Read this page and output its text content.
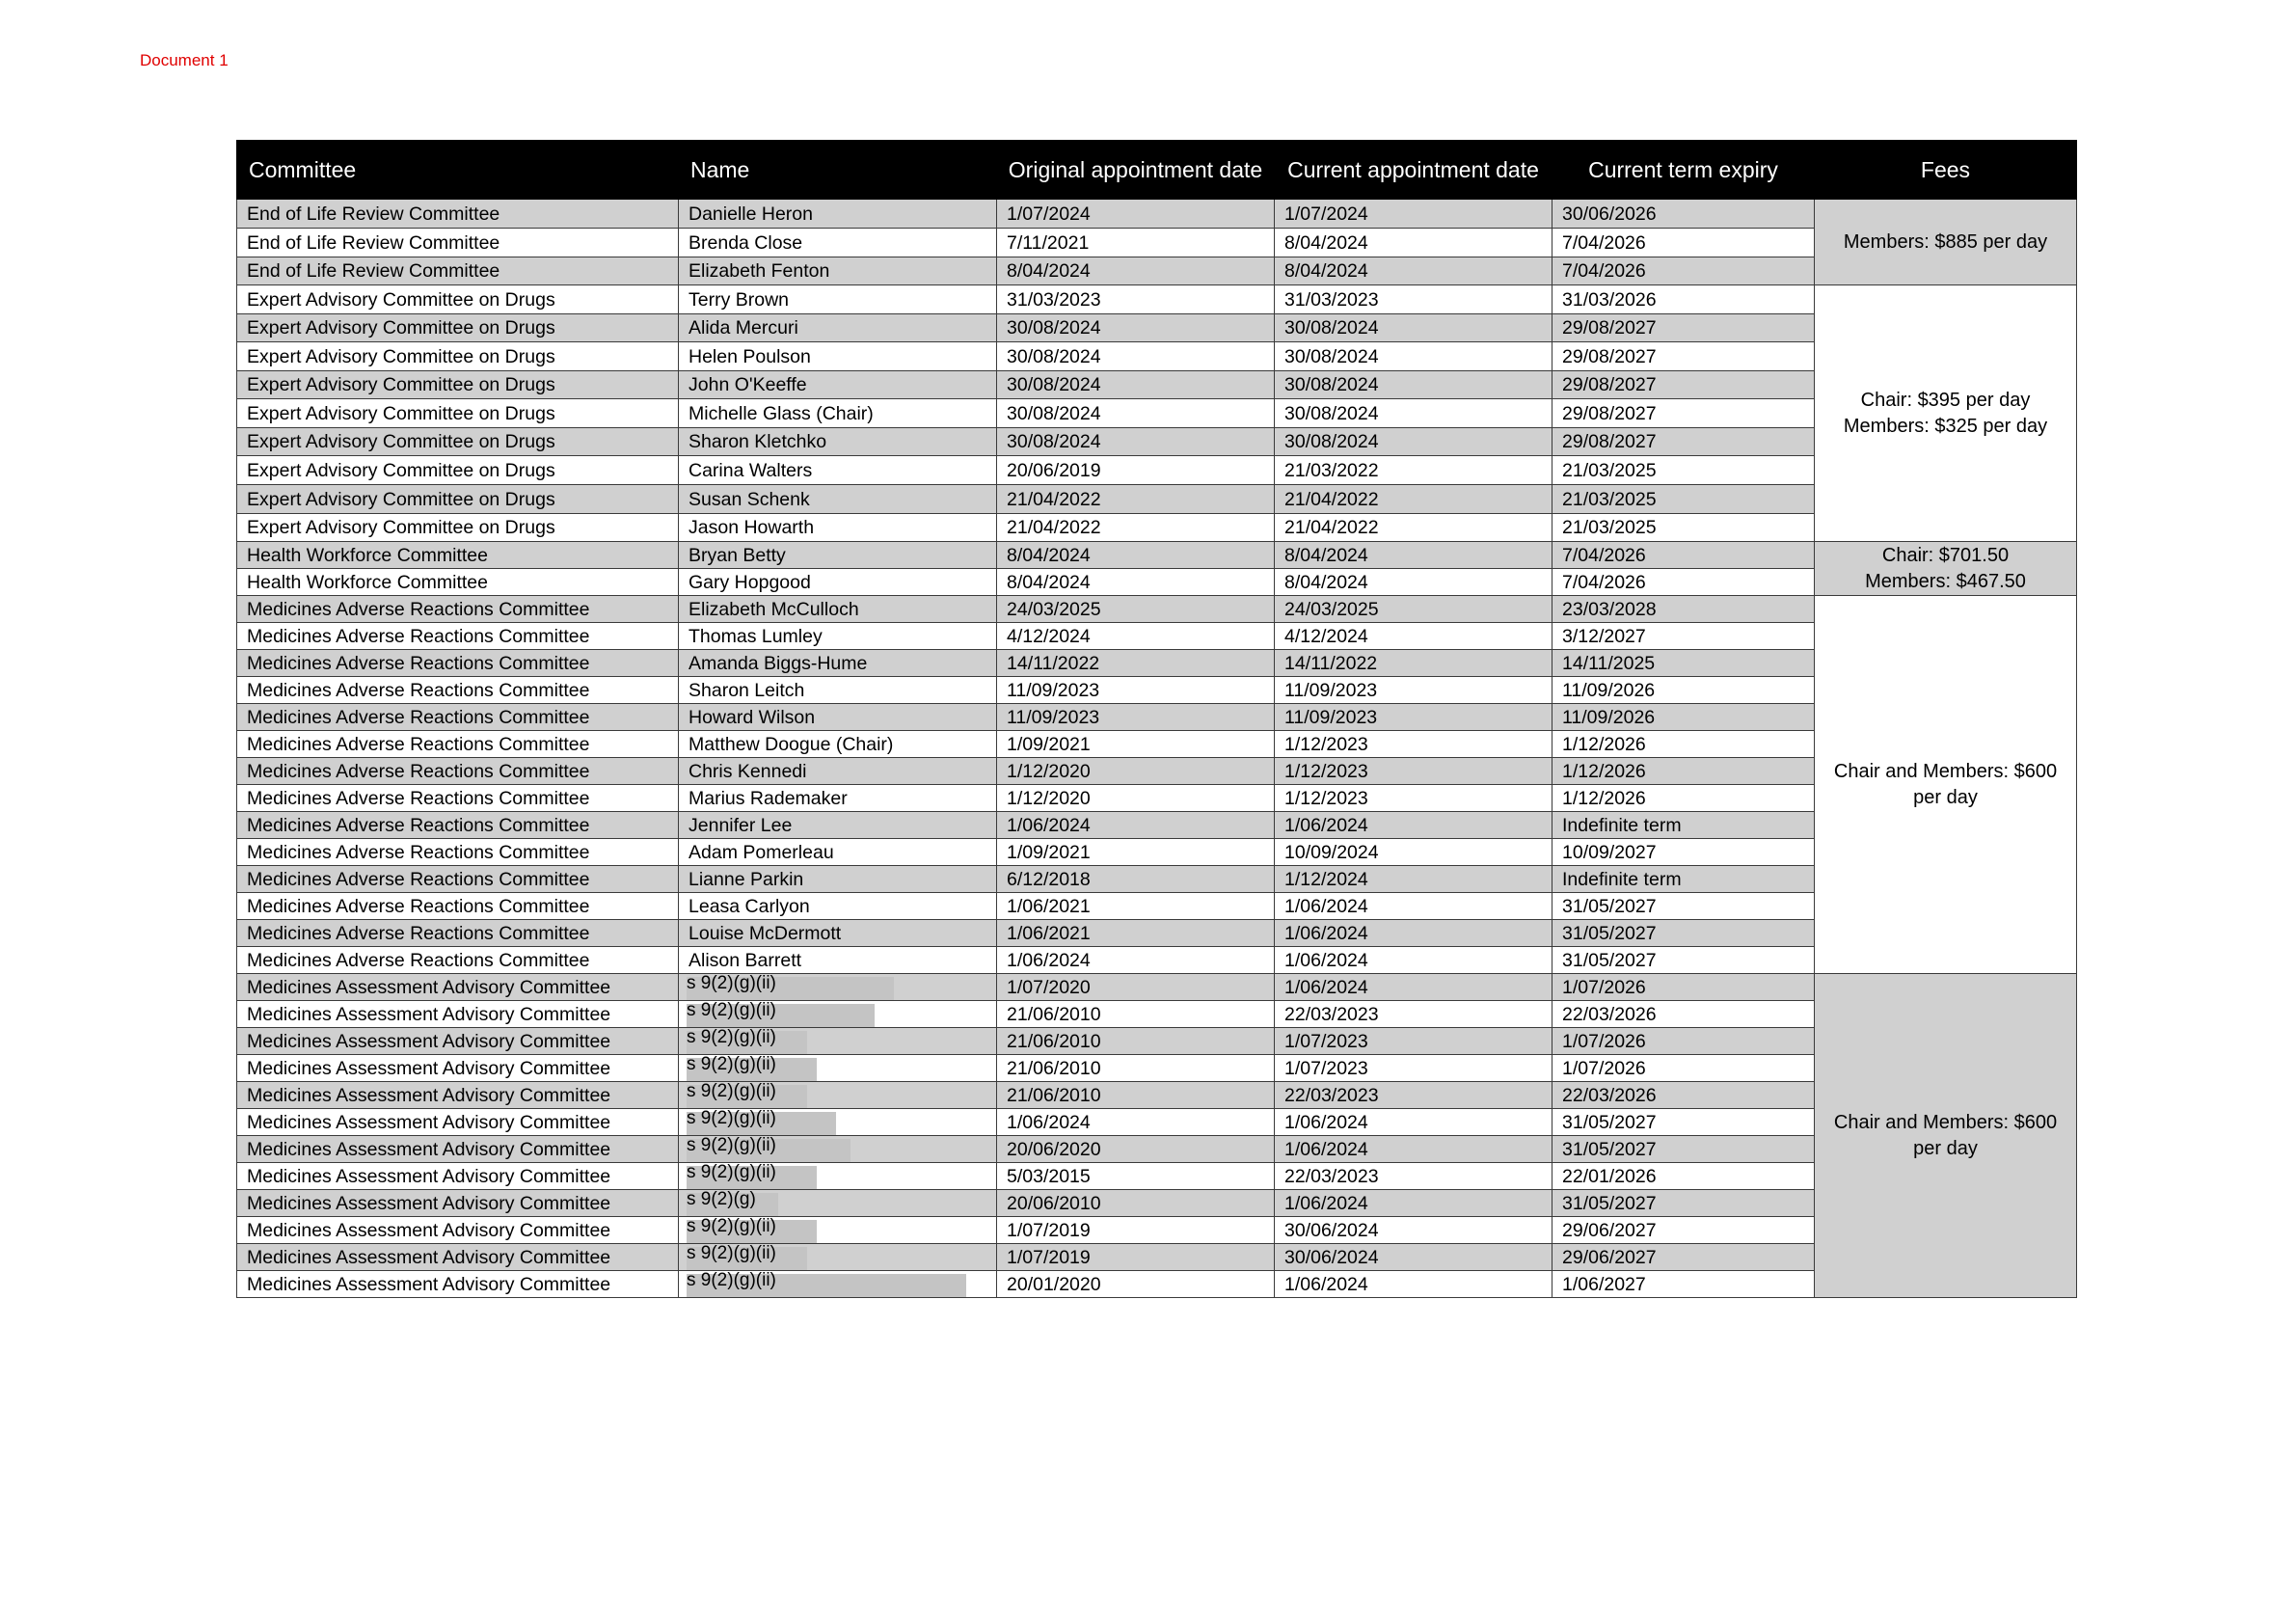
Document 1
Committee	Name	Original appointment date	Current appointment date	Current term expiry	Fees
End of Life Review Committee	Danielle Heron	1/07/2024	1/07/2024	30/06/2026	Members: $885 per day

End of Life Review Committee	Brenda Close	7/11/2021	8/04/2024	7/04/2026	
End of Life Review Committee	Elizabeth Fenton	8/04/2024	8/04/2024	7/04/2026	
Expert Advisory Committee on Drugs	Terry Brown	31/03/2023	31/03/2023	31/03/2026	Chair: $395 per day
Members: $325 per day

Expert Advisory Committee on Drugs	Alida Mercuri	30/08/2024	30/08/2024	29/08/2027	
Expert Advisory Committee on Drugs	Helen Poulson	30/08/2024	30/08/2024	29/08/2027	
Expert Advisory Committee on Drugs	John O'Keeffe	30/08/2024	30/08/2024	29/08/2027	
Expert Advisory Committee on Drugs	Michelle Glass (Chair)	30/08/2024	30/08/2024	29/08/2027	
Expert Advisory Committee on Drugs	Sharon Kletchko	30/08/2024	30/08/2024	29/08/2027	
Expert Advisory Committee on Drugs	Carina Walters	20/06/2019	21/03/2022	21/03/2025	
Expert Advisory Committee on Drugs	Susan Schenk	21/04/2022	21/04/2022	21/03/2025	
Expert Advisory Committee on Drugs	Jason Howarth	21/04/2022	21/04/2022	21/03/2025	
Health Workforce Committee	Bryan Betty	8/04/2024	8/04/2024	7/04/2026	Chair: $701.50
Members: $467.50

Health Workforce Committee	Gary Hopgood	8/04/2024	8/04/2024	7/04/2026	
Medicines Adverse Reactions Committee	Elizabeth McCulloch	24/03/2025	24/03/2025	23/03/2028	Chair and Members: $600 per day

Medicines Adverse Reactions Committee	Thomas Lumley	4/12/2024	4/12/2024	3/12/2027	
Medicines Adverse Reactions Committee	Amanda Biggs-Hume	14/11/2022	14/11/2022	14/11/2025	
Medicines Adverse Reactions Committee	Sharon Leitch	11/09/2023	11/09/2023	11/09/2026	
Medicines Adverse Reactions Committee	Howard Wilson	11/09/2023	11/09/2023	11/09/2026	
Medicines Adverse Reactions Committee	Matthew Doogue (Chair)	1/09/2021	1/12/2023	1/12/2026	
Medicines Adverse Reactions Committee	Chris Kennedi	1/12/2020	1/12/2023	1/12/2026	
Medicines Adverse Reactions Committee	Marius Rademaker	1/12/2020	1/12/2023	1/12/2026	
Medicines Adverse Reactions Committee	Jennifer Lee	1/06/2024	1/06/2024	Indefinite term	
Medicines Adverse Reactions Committee	Adam Pomerleau	1/09/2021	10/09/2024	10/09/2027	
Medicines Adverse Reactions Committee	Lianne Parkin	6/12/2018	1/12/2024	Indefinite term	
Medicines Adverse Reactions Committee	Leasa Carlyon	1/06/2021	1/06/2024	31/05/2027	
Medicines Adverse Reactions Committee	Louise McDermott	1/06/2021	1/06/2024	31/05/2027	
Medicines Adverse Reactions Committee	Alison Barrett	1/06/2024	1/06/2024	31/05/2027	
Medicines Assessment Advisory Committee	s 9(2)(g)(ii)	1/07/2020	1/06/2024	1/07/2026	Chair and Members: $600 per day

Medicines Assessment Advisory Committee	s 9(2)(g)(ii)	21/06/2010	22/03/2023	22/03/2026	
Medicines Assessment Advisory Committee	s 9(2)(g)(ii)	21/06/2010	1/07/2023	1/07/2026	
Medicines Assessment Advisory Committee	s 9(2)(g)(ii)	21/06/2010	1/07/2023	1/07/2026	
Medicines Assessment Advisory Committee	s 9(2)(g)(ii)	21/06/2010	22/03/2023	22/03/2026	
Medicines Assessment Advisory Committee	s 9(2)(g)(ii)	1/06/2024	1/06/2024	31/05/2027	
Medicines Assessment Advisory Committee	s 9(2)(g)(ii)	20/06/2020	1/06/2024	31/05/2027	
Medicines Assessment Advisory Committee	s 9(2)(g)(ii)	5/03/2015	22/03/2023	22/01/2026	
Medicines Assessment Advisory Committee	s 9(2)(g)	20/06/2010	1/06/2024	31/05/2027	
Medicines Assessment Advisory Committee	s 9(2)(g)(ii)	1/07/2019	30/06/2024	29/06/2027	
Medicines Assessment Advisory Committee	s 9(2)(g)(ii)	1/07/2019	30/06/2024	29/06/2027	
Medicines Assessment Advisory Committee	s 9(2)(g)(ii)	20/01/2020	1/06/2024	1/06/2027	
